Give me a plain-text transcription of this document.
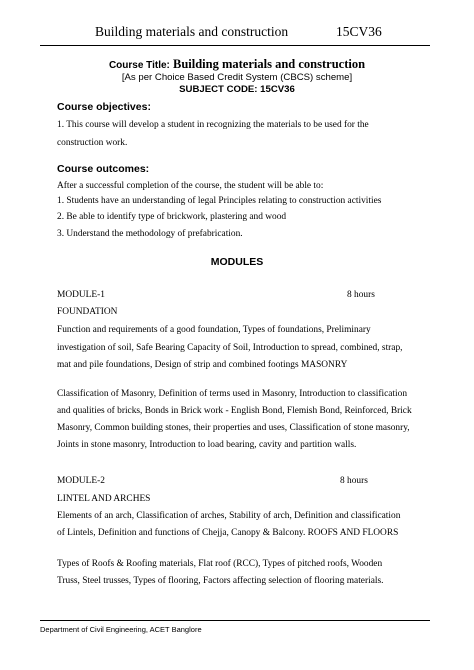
Building materials and construction	15CV36
Course Title: Building materials and construction
[As per Choice Based Credit System (CBCS) scheme]
SUBJECT CODE: 15CV36
Course objectives:
1. This course will develop a student in recognizing the materials to be used for the
construction work.
Course outcomes:
After a successful completion of the course, the student will be able to:
1. Students have an understanding of legal Principles relating to construction activities
2. Be able to identify type of brickwork, plastering and wood
3. Understand the methodology of prefabrication.
MODULES
MODULE-1	8 hours
FOUNDATION
Function and requirements of a good foundation, Types of foundations, Preliminary
investigation of soil, Safe Bearing Capacity of Soil, Introduction to spread, combined, strap,
mat and pile foundations, Design of strip and combined footings MASONRY
Classification of Masonry, Definition of terms used in Masonry, Introduction to classification
and qualities of bricks, Bonds in Brick work - English Bond, Flemish Bond, Reinforced, Brick
Masonry, Common building stones, their properties and uses, Classification of stone masonry,
Joints in stone masonry, Introduction to load bearing, cavity and partition walls.
MODULE-2	8 hours
LINTEL AND ARCHES
Elements of an arch, Classification of arches, Stability of arch, Definition and classification
of Lintels, Definition and functions of Chejja, Canopy & Balcony. ROOFS AND FLOORS
Types of Roofs & Roofing materials, Flat roof (RCC), Types of pitched roofs, Wooden
Truss, Steel trusses, Types of flooring, Factors affecting selection of flooring materials.
Department of Civil Engineering, ACET Banglore
